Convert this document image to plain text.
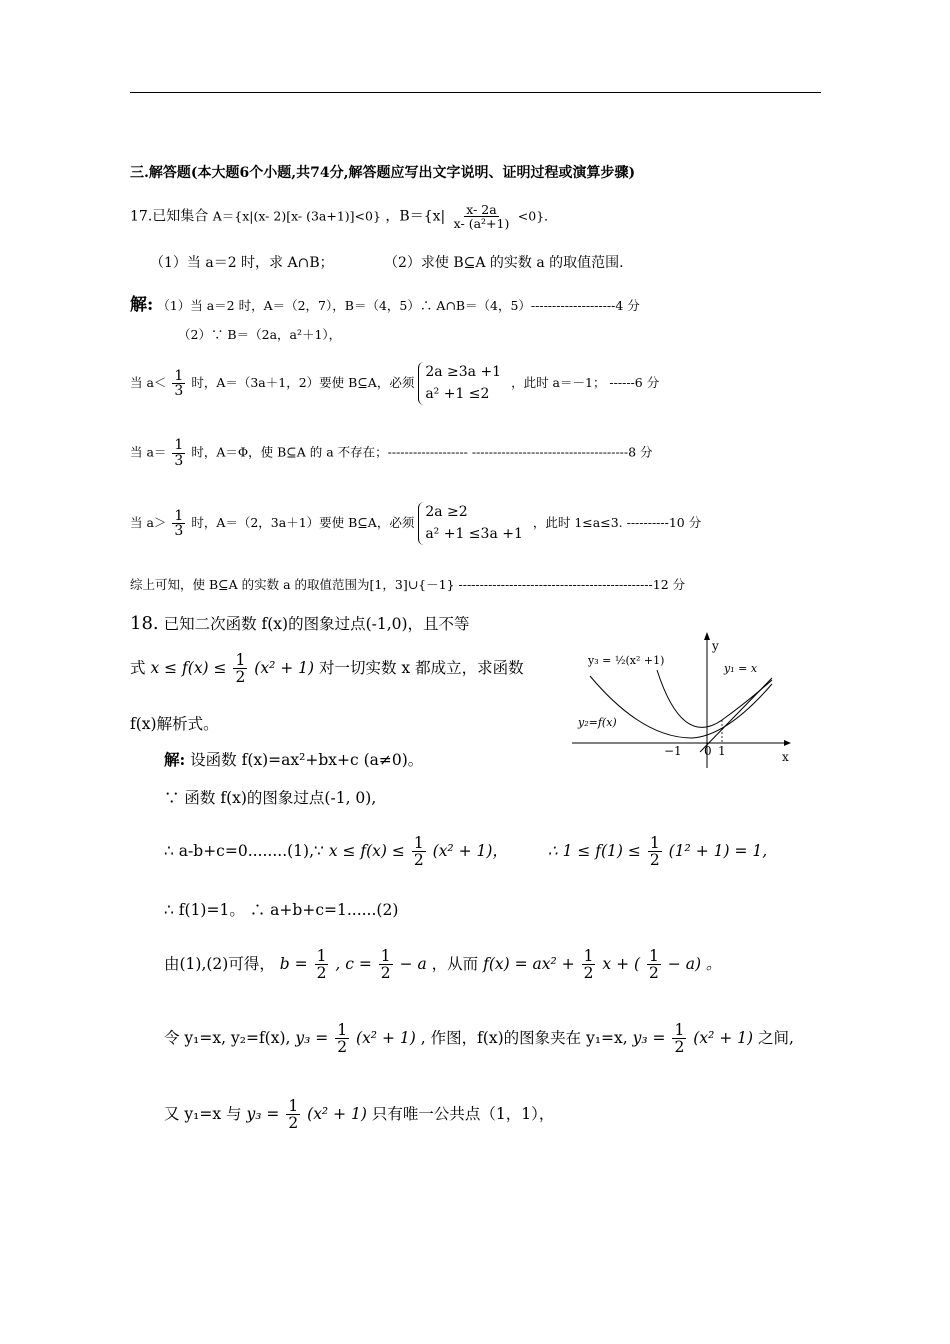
三.解答题(本大题6个小题,共74分,解答题应写出文字说明、证明过程或演算步骤)
17.已知集合 A＝{x|(x- 2)[x- (3a+1)]<0} ，$B=\{x| \frac{x- 2a}{\text{x- (a²+1)}} <0\}$．
（1）当 a＝2 时，求 A∩B；	（2）求使 B⊆A 的实数 a 的取值范围.
解: （1）当 a＝2 时，A＝（2，7），B＝（4，5）∴ A∩B＝（4，5）--------------------4 分
（2）∵ B＝（2a，a²＋1），
当 $a< \frac{1}{3}$ 时，A＝（3a＋1，2）要使 B⊆A，必须
2a ≥3a +1
a² +1 ≤2
，此时 a＝－1； ------6 分
当 $a= \frac{1}{3}$ 时，A＝Φ，使 B⊆A 的 a 不存在；------------------- -------------------------------------8 分
当 $a> \frac{1}{3}$ 时，A＝（2，3a＋1）要使 B⊆A，必须
2a ≥2
a² +1 ≤3a +1
，此时 1≤a≤3. ----------10 分
综上可知，使 B⊆A 的实数 a 的取值范围为[1，3]∪{－1} ----------------------------------------------12 分
18. 已知二次函数 f(x)的图象过点(-1,0)，且不等
式 $x \le f(x) \le \frac{1}{2} (x^2 + 1)$ 对一切实数 x 都成立，求函数
f(x)解析式。
解: 设函数 f(x)=ax²+bx+c (a≠0)。
∵ 函数 f(x)的图象过点(-1, 0),
∴ a-b+c=0........(1),∵ $x \le f(x) \le \frac{1}{2} (x^2 + 1)$，	∴ $1 \le f(1) \le \frac{1}{2} (1^2 + 1) = 1$,
∴ f(1)=1。 ∴ a+b+c=1......(2)
由(1),(2)可得， $b = \frac{1}{2}$ , $c = \frac{1}{2} - a$ ，从而 $f(x) = ax^2 + \frac{1}{2}$ x + ( $\frac{1}{2} - a$) 。
令 y₁=x, y₂=f(x), $y_3 = \frac{1}{2} (x^2 + 1)$ , 作图，f(x)的图象夹在 y₁=x, $y_3 = \frac{1}{2} (x^2 + 1)$ 之间,
又 y₁=x 与 $y_3 = \frac{1}{2} (x^2 + 1)$ 只有唯一公共点（1，1），
y₃ = ½(x² +1)
y₁ = x
y₂=f(x)
y
x
−1 0 1
